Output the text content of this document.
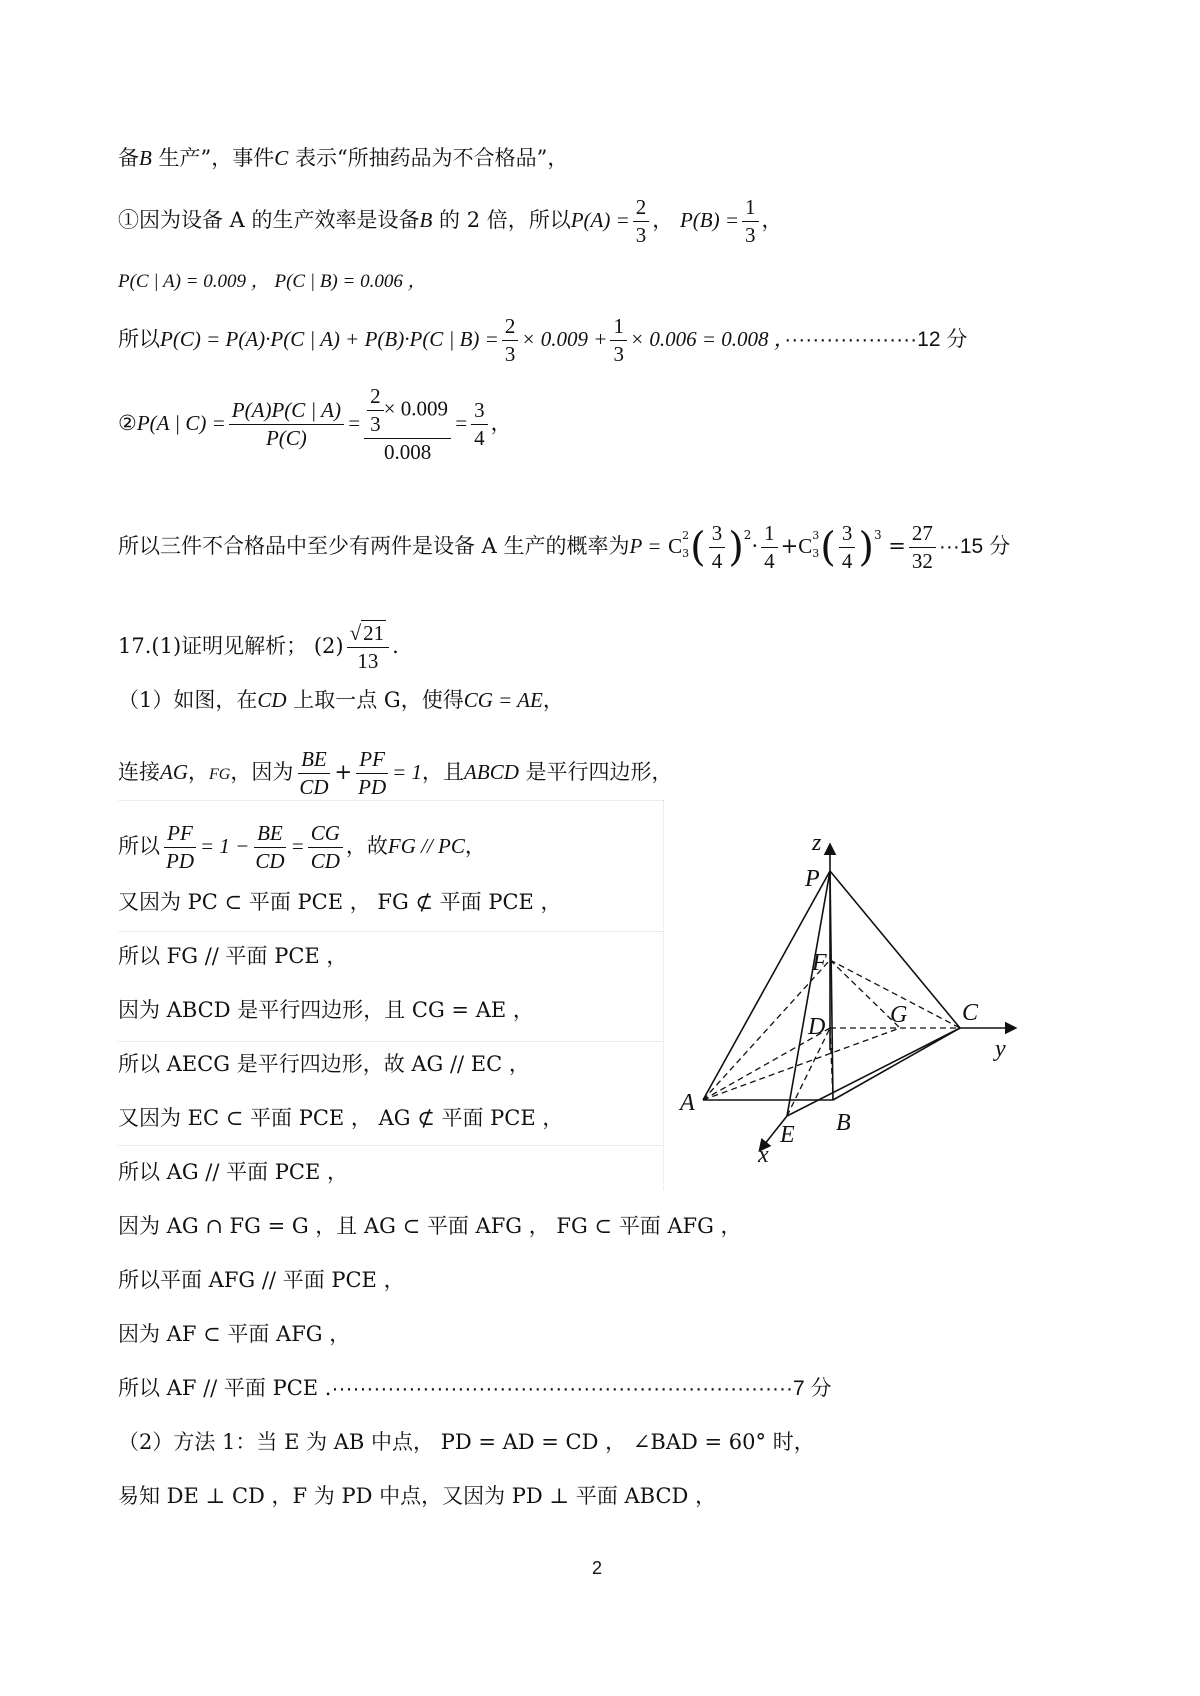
备B 生产”，事件C 表示“所抽药品为不合格品”，
①因为设备 A 的生产效率是设备B 的 2 倍，所以$P(A) = \frac{2}{3}$ ， $P(B) = \frac{1}{3}$ ，
P(C | A) = 0.009 ， P(C | B) = 0.006 ，
所以P(C) = P(A)·P(C | A) + P(B)·P(C | $B) = \frac{2}{3} \times 0.009 + \frac{1}{3} \times 0.006 = 0.008$ ，···················12 分
②P(A | $C) = \frac{P(A)P(C | A)}{P(C)} = \frac{\frac{2}{3} \times 0.009}{0.008} = \frac{3}{4}$ ，
所以三件不合格品中至少有两件是设备 A 生产的概率为P = C 2
3 ( $\frac{3}{4} )^2\cdot \frac{1}{4} +C$ 3
3 ( $\frac{3}{4} )^3 = \frac{27}{32} \cdot\cdot\cdot 15$ 分
17.(1)证明见解析； $(2) \frac{√21}{13}$ .
（1）如图，在CD 上取一点 G，使得CG = AE，
连接AG，FG，因为 $\frac{BE}{CD} + \frac{PF}{PD} = 1$，且ABCD 是平行四边形，
所以 $\frac{PF}{PD} = 1 - \frac{BE}{CD} = \frac{CG}{CD}$ ，故FG // PC，
又因为 PC ⊂ 平面 PCE ， FG ⊄ 平面 PCE ，
所以 FG // 平面 PCE ，
因为 ABCD 是平行四边形，且 CG = AE ，
所以 AECG 是平行四边形，故 AG // EC ，
又因为 EC ⊂ 平面 PCE ， AG ⊄ 平面 PCE ，
所以 AG // 平面 PCE ，
因为 AG ∩ FG = G ，且 AG ⊂ 平面 AFG ， FG ⊂ 平面 AFG ，
所以平面 AFG // 平面 PCE ，
因为 AF ⊂ 平面 AFG ，
所以 AF // 平面 PCE .··································································7 分
（2）方法 1：当 E 为 AB 中点， PD = AD = CD ， ∠BAD = 60° 时，
易知 DE ⊥ CD ，F 为 PD 中点，又因为 PD ⊥ 平面 ABCD ，
z
P
F
D	G C
y
A
E B
x
2
